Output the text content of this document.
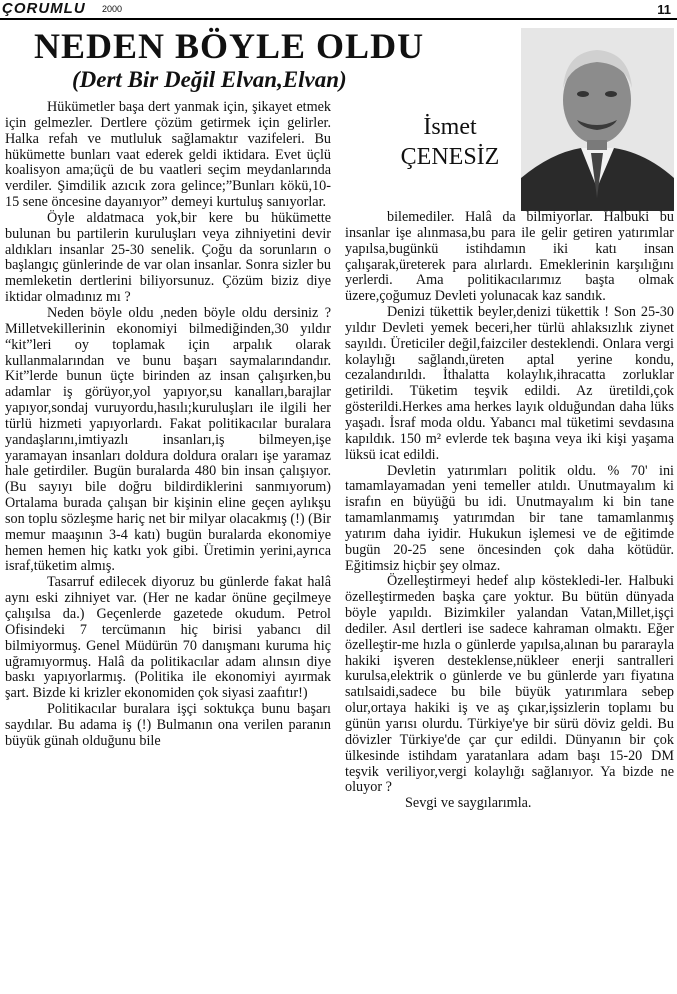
ÇORUMLU 2000	11
NEDEN BÖYLE OLDU
(Dert Bir Değil Elvan,Elvan)
İsmet
ÇENESİZ

Hükümetler başa dert yanmak için, şikayet etmek için gelmezler. Dertlere çözüm getirmek için gelirler. Halka refah ve mutluluk sağlamaktır vazifeleri. Bu hükümette bunları vaat ederek geldi iktidara. Evet üçlü koalisyon ama;üçü de bu vaatleri seçim meydanlarında verdiler. Şimdilik azıcık zora gelince;”Bunları kökü,10-15 sene öncesine dayanıyor” demeyi kurtuluş sanıyorlar.

Öyle aldatmaca yok,bir kere bu hükümette bulunan bu partilerin kuruluşları veya zihniyetini devir aldıkları insanlar 25-30 senelik. Çoğu da sorunların o başlangıç günlerinde de var olan insanlar. Sonra sizler bu memleketin dertlerini biliyorsunuz. Çözüm biziz diye iktidar olmadınız mı ?

Neden böyle oldu ,neden böyle oldu dersiniz ? Milletvekillerinin ekonomiyi bilmediğinden,30 yıldır “kit”leri oy toplamak için arpalık olarak kullanmalarından ve bunu başarı saymalarındandır. Kit”lerde bunun üçte birinden az insan çalışırken,bu adamlar iş görüyor,yol yapıyor,su kanalları,barajlar yapıyor,sondaj vuruyordu,hasılı;kuruluşları ile ilgili her türlü hizmeti yapıyorlardı. Fakat politikacılar buralara yandaşlarını,imtiyazlı insanları,iş bilmeyen,işe yaramayan insanları doldura doldura oraları işe yaramaz hale getirdiler. Bugün buralarda 480 bin insan çalışıyor. (Bu sayıyı bile doğru bildirdiklerini sanmıyorum) Ortalama burada çalışan bir kişinin eline geçen aylıkşu son toplu sözleşme hariç net bir milyar olacakmış (!) (Bir memur maaşının 3-4 katı) bugün buralarda ekonomiye hemen hemen hiç katkı yok gibi. Üretimin yerini,ayrıca israf,tüketim almış.

Tasarruf edilecek diyoruz bu günlerde fakat halâ aynı eski zihniyet var. (Her ne kadar önüne geçilmeye çalışılsa da.) Geçenlerde gazetede okudum. Petrol Ofisindeki 7 tercümanın hiç birisi yabancı dil bilmiyormuş. Genel Müdürün 70 danışmanı kuruma hiç uğramıyormuş. Halâ da politikacılar adam alınsın diye baskı yapıyorlarmış. (Politika ile ekonomiyi ayırmak şart. Bizde ki krizler ekonomiden çok siyasi zaafıtır!)

Politikacılar buralara işçi soktukça bunu başarı saydılar. Bu adama iş (!) Bulmanın ona verilen paranın büyük günah olduğunu bile

bilemediler. Halâ da bilmiyorlar. Halbuki bu insanlar işe alınmasa,bu para ile gelir getiren yatırımlar yapılsa,bugünkü istihdamın iki katı insan çalışarak,üreterek para alırlardı. Emeklerinin karşılığını yerlerdi. Ama politikacılarımız başta olmak üzere,çoğumuz Devleti yolunacak kaz sandık.

Denizi tükettik beyler,denizi tükettik ! Son 25-30 yıldır Devleti yemek beceri,her türlü ahlaksızlık ziynet sayıldı. Üreticiler değil,faizciler desteklendi. Onlara vergi kolaylığı sağlandı,üreten aptal yerine kondu, cezalandırıldı. İthalatta kolaylık,ihracatta zorluklar getirildi. Tüketim teşvik edildi. Az üretildi,çok gösterildi.Herkes ama herkes layık olduğundan daha lüks yaşadı. İsraf moda oldu. Yabancı mal tüketimi sevdasına kapıldık. 150 m² evlerde tek başına veya iki kişi yaşama lüksü icat edildi.

Devletin yatırımları politik oldu. % 70' ini tamamlayamadan yeni temeller atıldı. Unutmayalım ki israfın en büyüğü bu idi. Unutmayalım ki bin tane tamamlanmamış yatırımdan bir tane tamamlanmış yatırım daha iyidir. Hukukun işlemesi ve de eğitimde bugün 20-25 sene öncesinden çok daha kötüdür. Eğitimsiz hiçbir şey olmaz.

Özelleştirmeyi hedef alıp köstekledi-ler. Halbuki özelleştirmeden başka çare yoktur. Bu bütün dünyada böyle yapıldı. Bizimkiler yalandan Vatan,Millet,işçi dediler. Asıl dertleri ise sadece kahraman olmaktı. Eğer özelleştir-me hızla o günlerde yapılsa,alınan bu pararayla hakiki işveren desteklense,nükleer enerji santralleri kurulsa,elektrik o günlerde ve bu günlerde yarı fiyatına satılsaidi,sadece bu bile büyük yatırımlara sebep olur,ortaya hakiki iş ve aş çıkar,işsizlerin toplamı bu günün yarısı olurdu. Türkiye'ye bir sürü döviz geldi. Bu dövizler Türkiye'de çar çur edildi. Dünyanın bir çok ülkesinde istihdam yaratanlara adam başı 15-20 DM teşvik veriliyor,vergi kolaylığı sağlanıyor. Ya bizde ne oluyor ?

Sevgi ve saygılarımla.
